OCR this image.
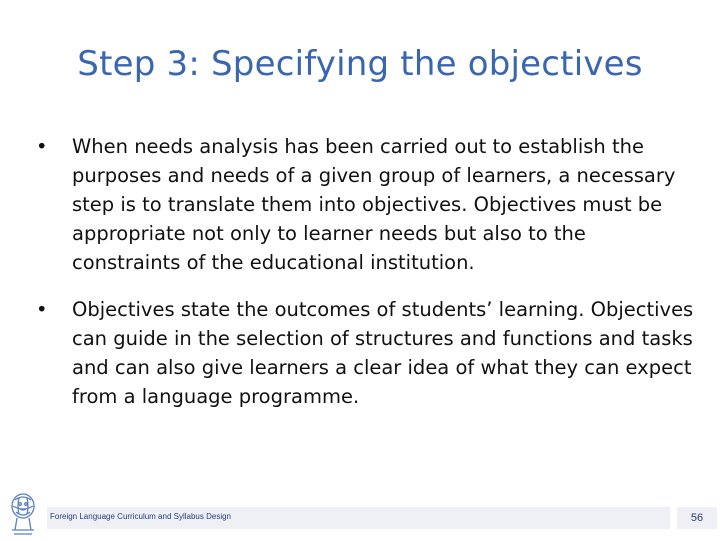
Step 3: Specifying the objectives
•	When needs analysis has been carried out to establish the purposes and needs of a given group of learners, a necessary step is to translate them into objectives. Objectives must be appropriate not only to learner needs but also to the constraints of the educational institution.
•	Objectives state the outcomes of students’ learning. Objectives can guide in the selection of structures and functions and tasks and can also give learners a clear idea of what they can expect from a language programme.
Foreign Language Curriculum and Syllabus Design	56
